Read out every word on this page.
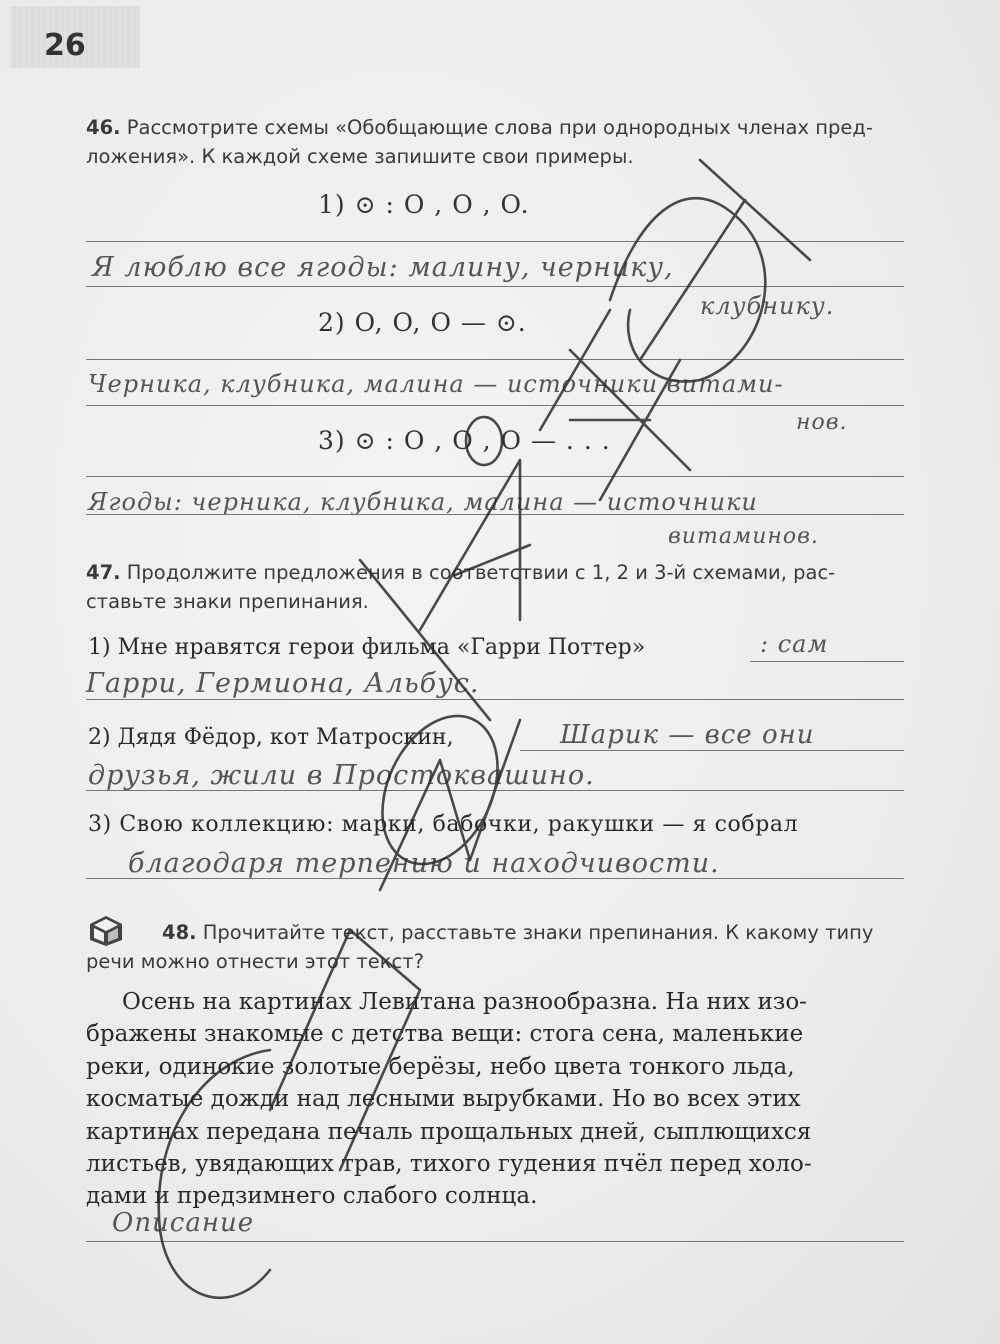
26
46. Рассмотрите схемы «Обобщающие слова при однородных членах пред-
ложения». К каждой схеме запишите свои примеры.
1) ⊙ : O , O , O.
Я люблю все ягоды: малину, чернику,
клубнику.
2) O, O, O — ⊙.
Черника, клубника, малина — источники витами-
нов.
3) ⊙ : O , O , O — . . .
Ягоды: черника, клубника, малина — источники
витаминов.
47. Продолжите предложения в соответствии с 1, 2 и 3-й схемами, рас-
ставьте знаки препинания.
1) Мне нравятся герои фильма «Гарри Поттер»	: сам
Гарри, Гермиона, Альбус.
2) Дядя Фёдор, кот Матроскин,	Шарик — все они
друзья, жили в Простоквашино.
3) Свою коллекцию: марки, бабочки, ракушки — я собрал
благодаря терпению и находчивости.
48. Прочитайте текст, расставьте знаки препинания. К какому типу
речи можно отнести этот текст?
Осень на картинах Левитана разнообразна. На них изо-
бражены знакомые с детства вещи: стога сена, маленькие
реки, одинокие золотые берёзы, небо цвета тонкого льда,
косматые дожди над лесными вырубками. Но во всех этих
картинах передана печаль прощальных дней, сыплющихся
листьев, увядающих трав, тихого гудения пчёл перед холо-
дами и предзимнего слабого солнца.
Описание
